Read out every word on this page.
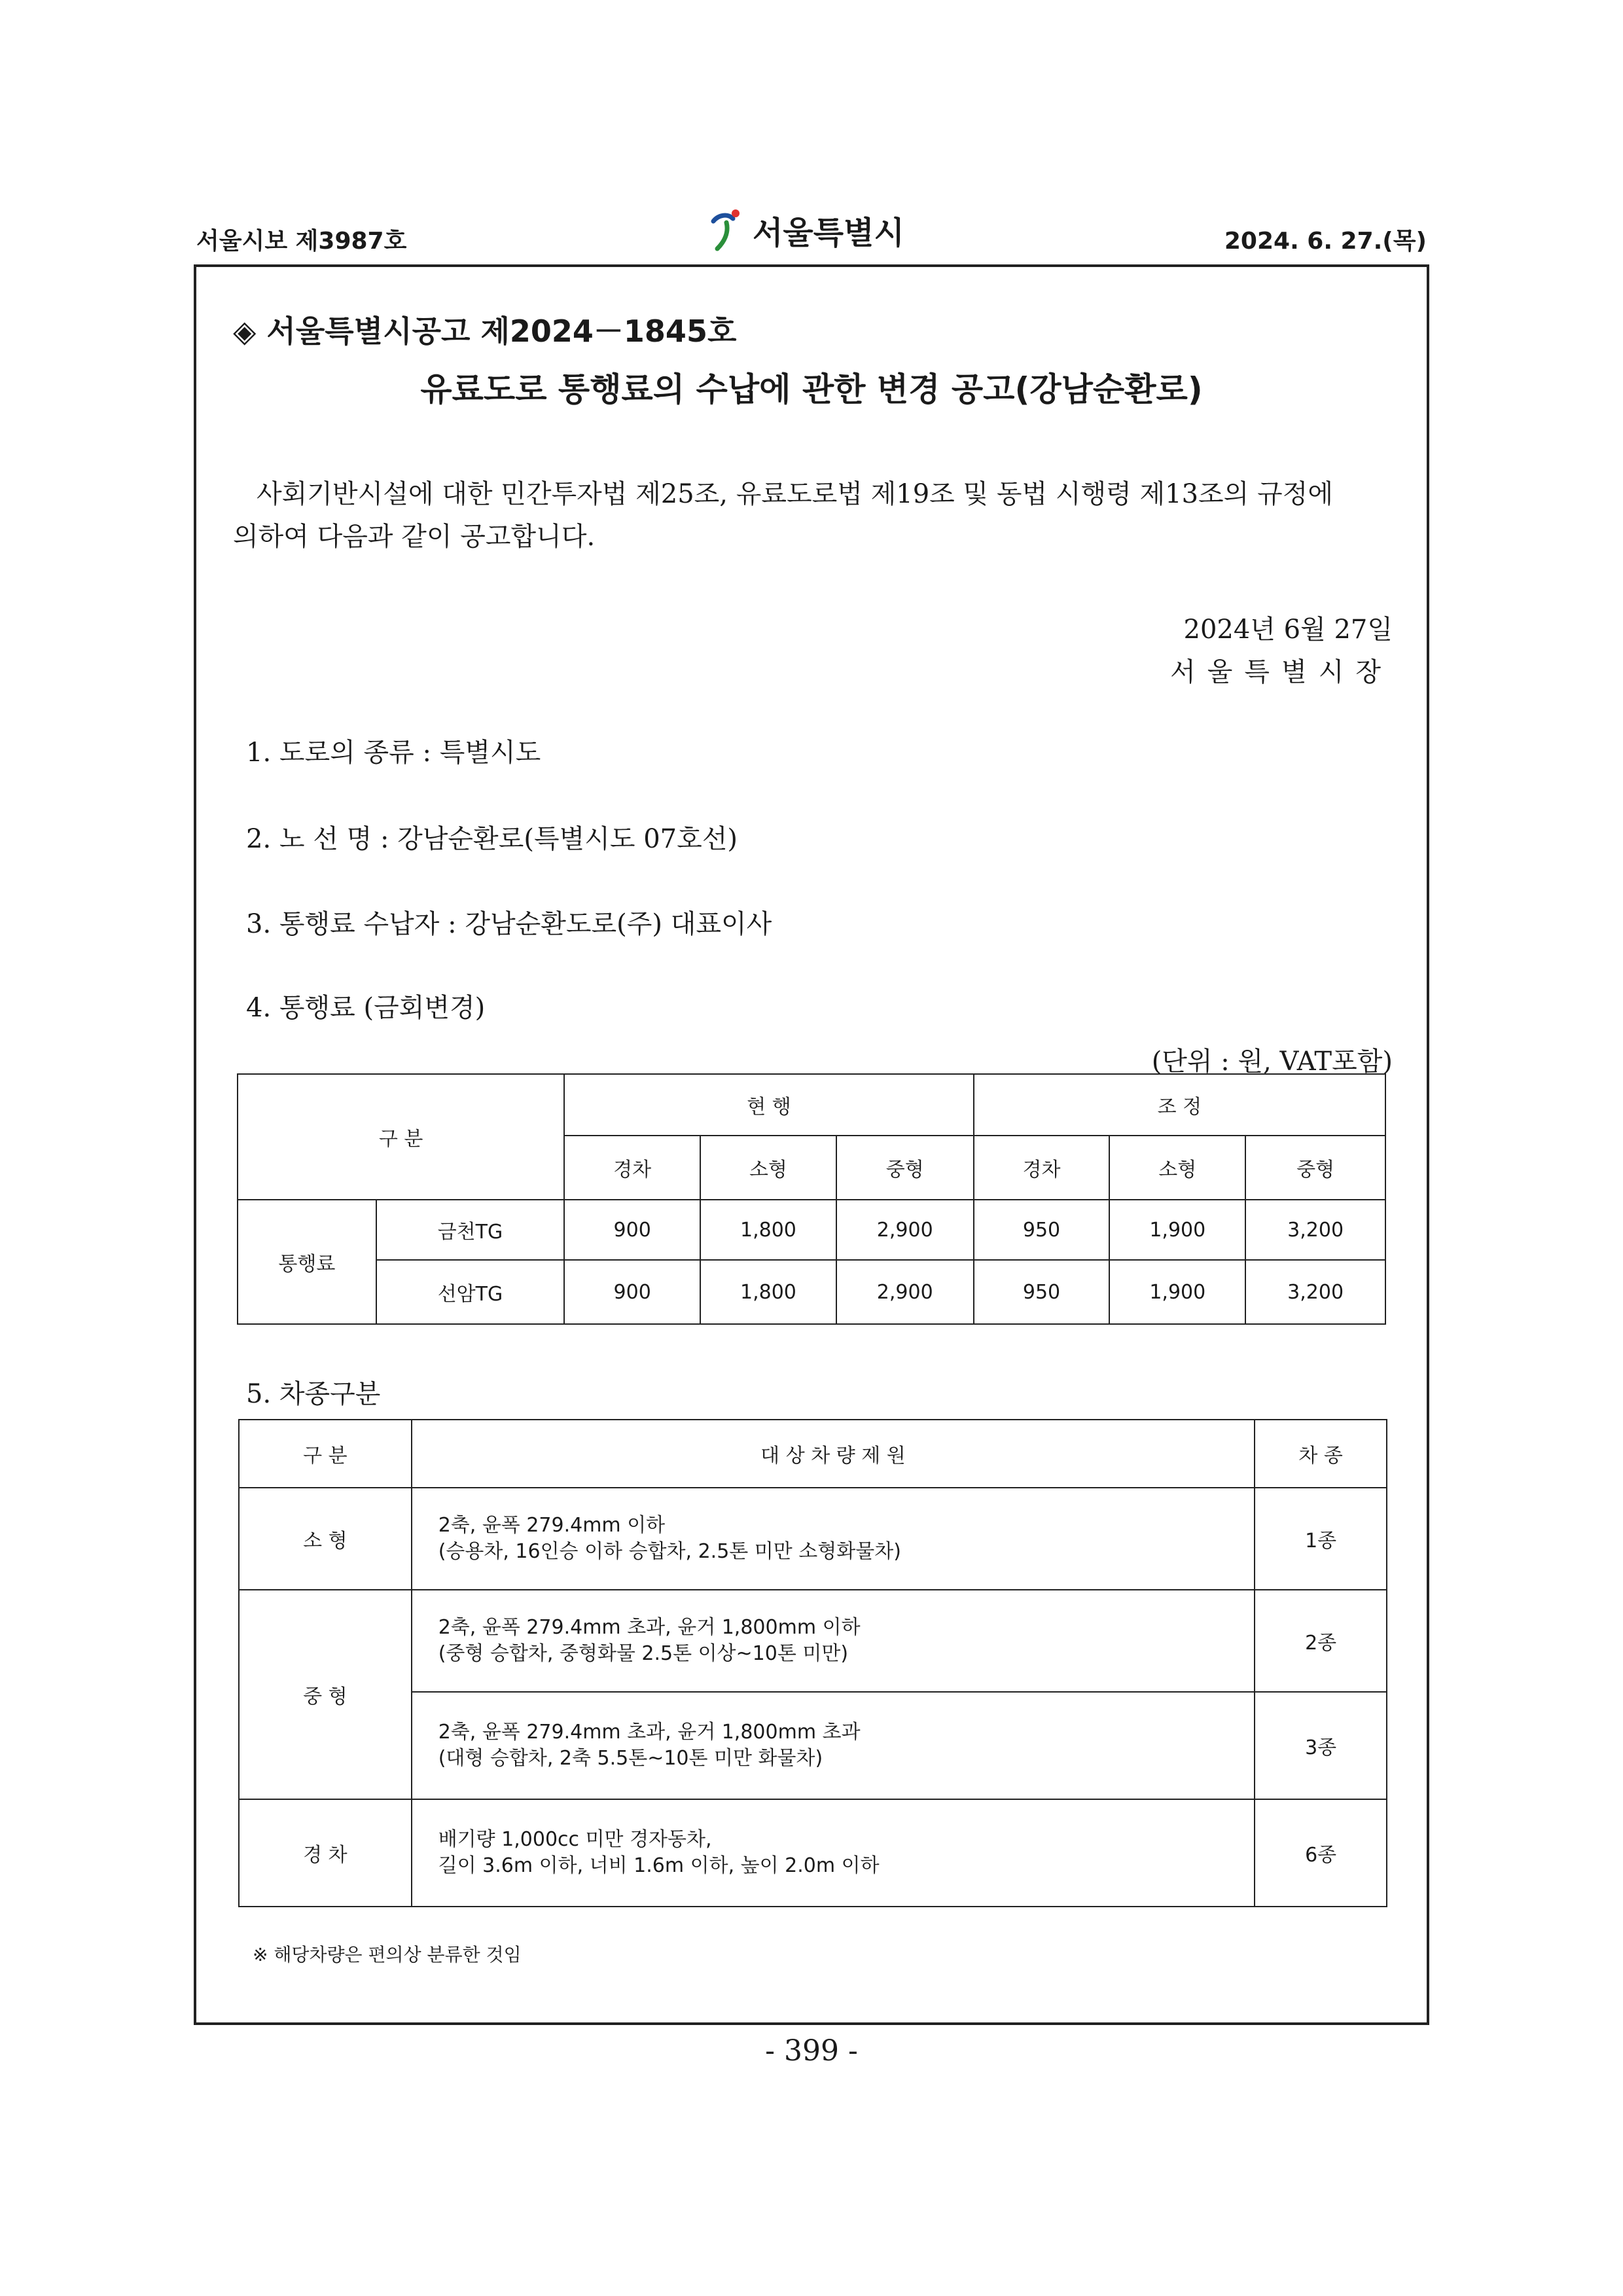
서울시보 제3987호	서울특별시	2024. 6. 27.(목)
◈ 서울특별시공고 제2024－1845호
유료도로 통행료의 수납에 관한 변경 공고(강남순환로)
사회기반시설에 대한 민간투자법 제25조, 유료도로법 제19조 및 동법 시행령 제13조의 규정에
의하여 다음과 같이 공고합니다.
2024년 6월 27일
서울특별시장
1. 도로의 종류 : 특별시도
2. 노 선 명 : 강남순환로(특별시도 07호선)
3. 통행료 수납자 : 강남순환도로(주) 대표이사
4. 통행료 (금회변경)
(단위 : 원, VAT포함)
구 분		현 행			조 정		
		경차	소형	중형	경차	소형	중형
통행료	금천TG	900	1,800	2,900	950	1,900	3,200
	선암TG	900	1,800	2,900	950	1,900	3,200
5. 차종구분
구 분	대 상 차 량 제 원	차 종
소 형	2축, 윤폭 279.4mm 이하
(승용차, 16인승 이하 승합차, 2.5톤 미만 소형화물차)	1종
중 형	2축, 윤폭 279.4mm 초과, 윤거 1,800mm 이하
(중형 승합차, 중형화물 2.5톤 이상~10톤 미만)	2종

	2축, 윤폭 279.4mm 초과, 윤거 1,800mm 초과
(대형 승합차, 2축 5.5톤~10톤 미만 화물차)	3종
경 차	배기량 1,000cc 미만 경자동차,
길이 3.6m 이하, 너비 1.6m 이하, 높이 2.0m 이하	6종
※ 해당차량은 편의상 분류한 것임
- 399 -
